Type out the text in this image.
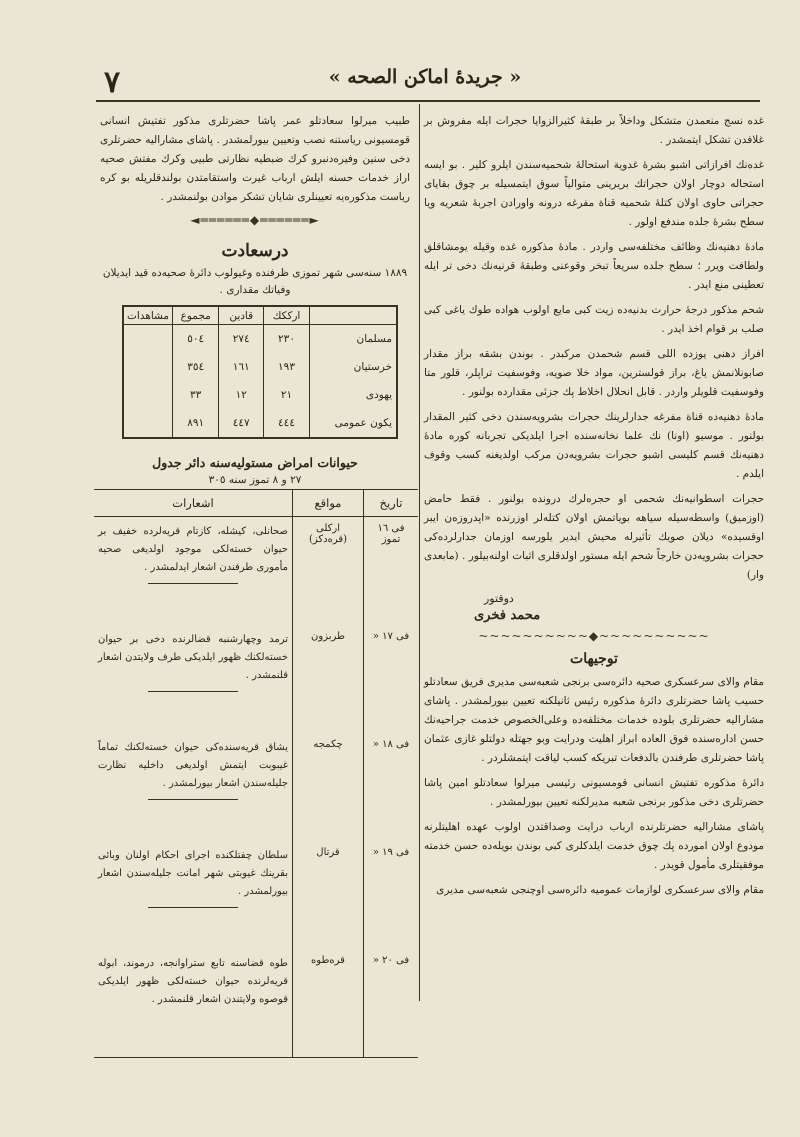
٧	« جريدهٔ اماكن الصحه »

غده نسج منعمدن متشكل وداخلاً بر طبقهٔ كثيرالزوايا حجرات ايله مفروش بر غلافدن تشكل ايتمشدر .

غده‌نك افرازاتى اشبو بشره‌ٔ غدوية استحالهٔ شحميه‌سندن ايلرو كلير . بو ايسه استحاله دوچار اولان حجراتك بريرينى متوالياً سوق ايتمسيله بر چوق بقاياى حجراتى حاوى اولان كتلهٔ شحميه قناة مفرغه درونه واورادن اجربهٔ شعريه ويا سطح بشره‌ٔ جلده مندفع اولور .

مادهٔ دهنيه‌نك وظائف مختلفه‌سى واردر . مادهٔ مذكوره غده وقيله يومشاقلق ولطافت ويرر ؛ سطح جلده سريعاً تبخر وقوعنى وطبقهٔ قرنيه‌نك دخى تر ايله تعطينى منع ايدر .

شحم مذكور درجهٔ حرارت بدنيه‌ده زيت كبى مايع اولوب هواده طوك ياغى كبى صلب بر قوام اخذ ايدر .

افراز دهنى يوزده اللى قسم شحمدن مركبدر . بوندن بشقه براز مقدار صابونلانمش ياغ، براز قولسترين، مواد خلا صويه، وفوسفيت تراپلر، قلور متا وفوسفيت قلويلر واردر . قابل انحلال اخلاط پك جزئى مقدارده بولنور .

مادهٔ دهنيه‌ده قناة مفرغه جدارلرينك حجرات بشرويه‌سندن دخى كثير المقدار بولنور . موسيو (اونا) نك علما نخانه‌سنده اجرا ايلديكى تجربانه كوره مادهٔ دهنيه‌نك قسم كليسى اشبو حجرات بشرويه‌دن مركب اولديغنه كسب وقوف ايلدم .

حجرات اسطوانيه‌نك شحمى او حجره‌لرك درونده بولنور . فقط حامض (اوزميق) واسطه‌سيله سياهه بوياتمش اولان كتله‌لر اوزرنده «اپدروزه‌ن ايبر اوقسيده» ديلان صويك تأثيرله محيش ايدير يلورسه اوزمان جدارلرده‌كى حجرات بشرويه‌دن خارجاً شحم ايله مستور اولدقلرى اثبات اولنه‌بيلور . (مابعدى وار)

دوقتور
محمد فخرى
~~~~~~~~~~◆~~~~~~~~~~
توجيهات

مقام والاى سرعسكرى صحيه دائره‌سى برنجى شعبه‌سى مديرى فريق سعادتلو حسيب پاشا حضرتلرى دائرهٔ مذكوره رئيس ثانيلكنه تعيين بيورلمشدر . پاشاى مشاراليه حضرتلرى بلوده خدمات مختلفه‌ده وعلى‌الخصوص خدمت جراحيه‌نك حسن اداره‌سنده فوق العاده ابراز اهليت ودرايت وبو جهتله دولتلو غازى عثمان پاشا حضرتلرى طرفندن بالدفعات تبريكه كسب لياقت ايتمشلردر .

دائرهٔ مذكوره تفتيش انسانى قومسيونى رئيسى ميرلوا سعادتلو امين پاشا حضرتلرى دخى مذكور برنجى شعبه مديرلكنه تعيين بيورلمشدر .

پاشاى مشاراليه حضرتلرنده ارباب درايت وصداقتدن اولوب عهده اهليتلرنه مودوع اولان امورده پك چوق خدمت ايلدكلرى كبى بوندن بويله‌ده حسن خدمته موفقيتلرى مأمول قويدر .

مقام والاى سرعسكرى لوازمات عموميه دائره‌سى اوچنجى شعبه‌سى مديرى

طبيب ميرلوا سعادتلو عمر پاشا حضرتلرى مذكور تفتيش انسانى قومسيونى رياستنه نصب وتعيين بيورلمشدر . پاشاى مشاراليه حضرتلرى دخى سنين وفيره‌دنبرو كرك ضبطيه نظارتى طبيى وكرك مفتش صحيه اراز خدمات حسنه ايلش ارباب غيرت واستقامتدن بولندقلريله بو كره رياست مذكوره‌يه تعيينلرى شايان تشكر موادن بولنمشدر .

◄══════◆══════►
درسعادت
١٨٨٩ سنه‌سى شهر تموزى ظرفنده وغيولوب دائرهٔ صحيه‌ده قيد ايديلان وفياتك مقدارى .
	ارككك	قادين	مجموع	مشاهدات
مسلمان	٢٣٠	٢٧٤	٥٠٤	
خرستيان	١٩٣	١٦١	٣٥٤	
يهودى	٢١	١٢	٣٣	
يكون عمومى	٤٤٤	٤٤٧	٨٩١	
حيوانات امراض مستوليه‌سنه دائر جدول
٢٧ و ٨ تموز سنه ٣٠٥
تاريخ	مواقع	اشعارات
فى ١٦ تموز	اركلى (قره‌دكز)	صحانلى، كيشله، كازتام قريه‌لرده خفيف بر حيوان خسته‌لكى موجود اولديغى صحيه مأمورى طرفندن اشعار ايدلمشدر .

فى ١٧ «	طربزون	ترمد وچهارشنبه قضالرنده دخى بر حيوان خسته‌لكنك ظهور ايلديكى طرف ولايتدن اشعار قلنمشدر .

فى ١٨ «	چكمجه	يشاق قريه‌سنده‌كى حيوان خسته‌لكنك تماماً غيبوبت ايتمش اولديغى داخليه نظارت جليله‌سندن اشعار بيورلمشدر .

فى ١٩ «	قرتال	سلطان چفتلكنده اجراى احكام اولنان وبائى بقرينك غيوبتى شهر امانت جليله‌سندن اشعار بيورلمشدر .

فى ٢٠ «	قره‌طوه	طوه قضاسنه تابع ستراوانجه، درموند، ابوله قريه‌لرنده حيوان خسته‌لكى ظهور ايلديكى قوصوه ولايتندن اشعار قلنمشدر .
